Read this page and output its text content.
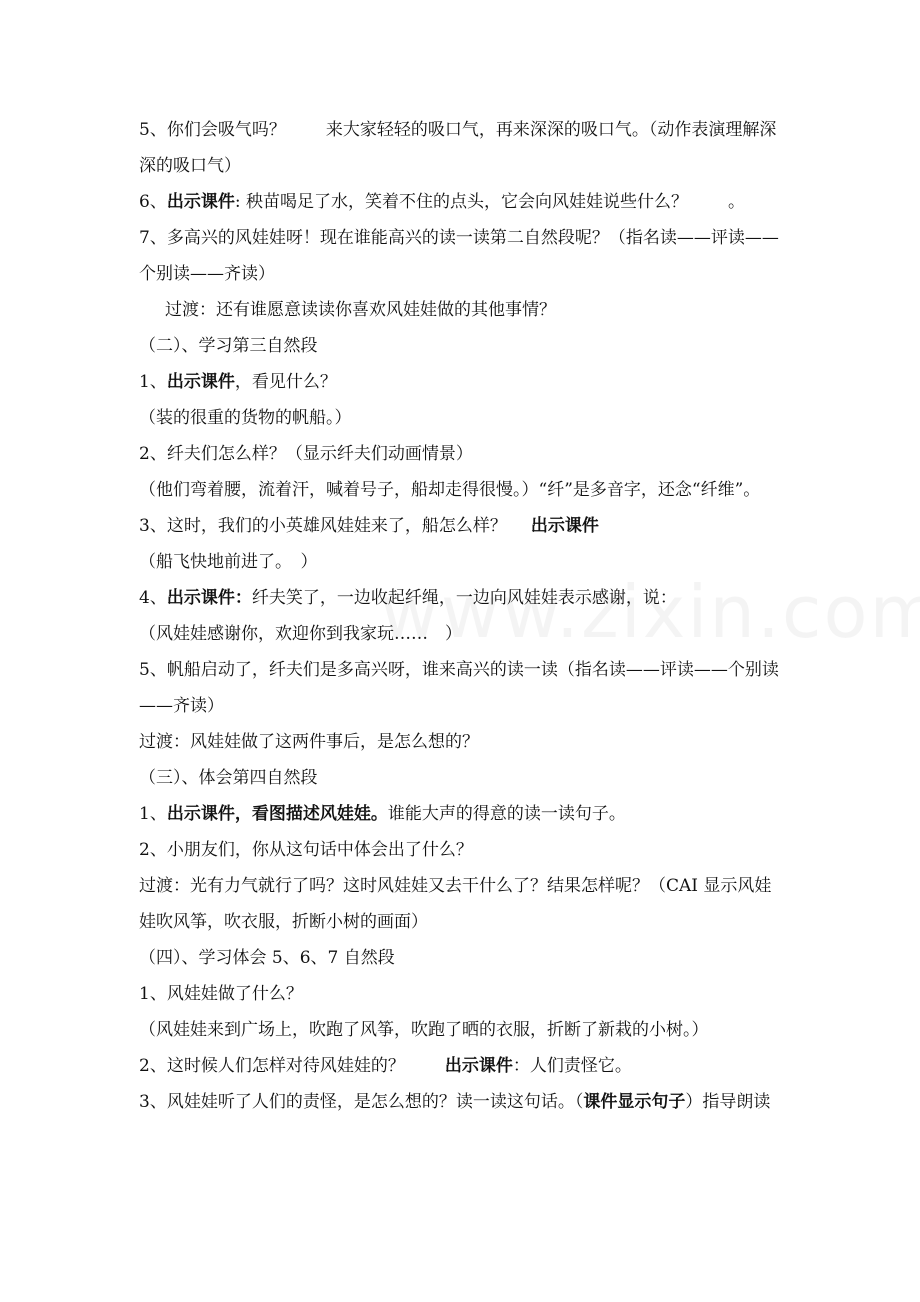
5、你们会吸气吗？ 来大家轻轻的吸口气，再来深深的吸口气。（动作表演理解深深的吸口气）

6、出示课件: 秧苗喝足了水，笑着不住的点头，它会向风娃娃说些什么？ 。

7、多高兴的风娃娃呀！现在谁能高兴的读一读第二自然段呢？（指名读——评读——个别读——齐读）

过渡：还有谁愿意读读你喜欢风娃娃做的其他事情？

（二）、学习第三自然段

1、出示课件，看见什么？

（装的很重的货物的帆船。）

2、纤夫们怎么样？（显示纤夫们动画情景）

（他们弯着腰，流着汗，喊着号子，船却走得很慢。）“纤”是多音字，还念“纤维”。

3、这时，我们的小英雄风娃娃来了，船怎么样？ 出示课件

（船飞快地前进了。　）

4、出示课件：纤夫笑了，一边收起纤绳，一边向风娃娃表示感谢，说：

（风娃娃感谢你，欢迎你到我家玩……　）

5、帆船启动了，纤夫们是多高兴呀，谁来高兴的读一读（指名读——评读——个别读——齐读）

过渡：风娃娃做了这两件事后，是怎么想的？

（三）、体会第四自然段

1、出示课件，看图描述风娃娃。谁能大声的得意的读一读句子。

2、小朋友们，你从这句话中体会出了什么？

过渡：光有力气就行了吗？这时风娃娃又去干什么了？结果怎样呢？（CAI 显示风娃娃吹风筝，吹衣服，折断小树的画面）

（四）、学习体会 5、6、7 自然段

1、风娃娃做了什么？

（风娃娃来到广场上，吹跑了风筝，吹跑了晒的衣服，折断了新栽的小树。）

2、这时候人们怎样对待风娃娃的？ 出示课件：人们责怪它。

3、风娃娃听了人们的责怪，是怎么想的？读一读这句话。（课件显示句子）指导朗读
